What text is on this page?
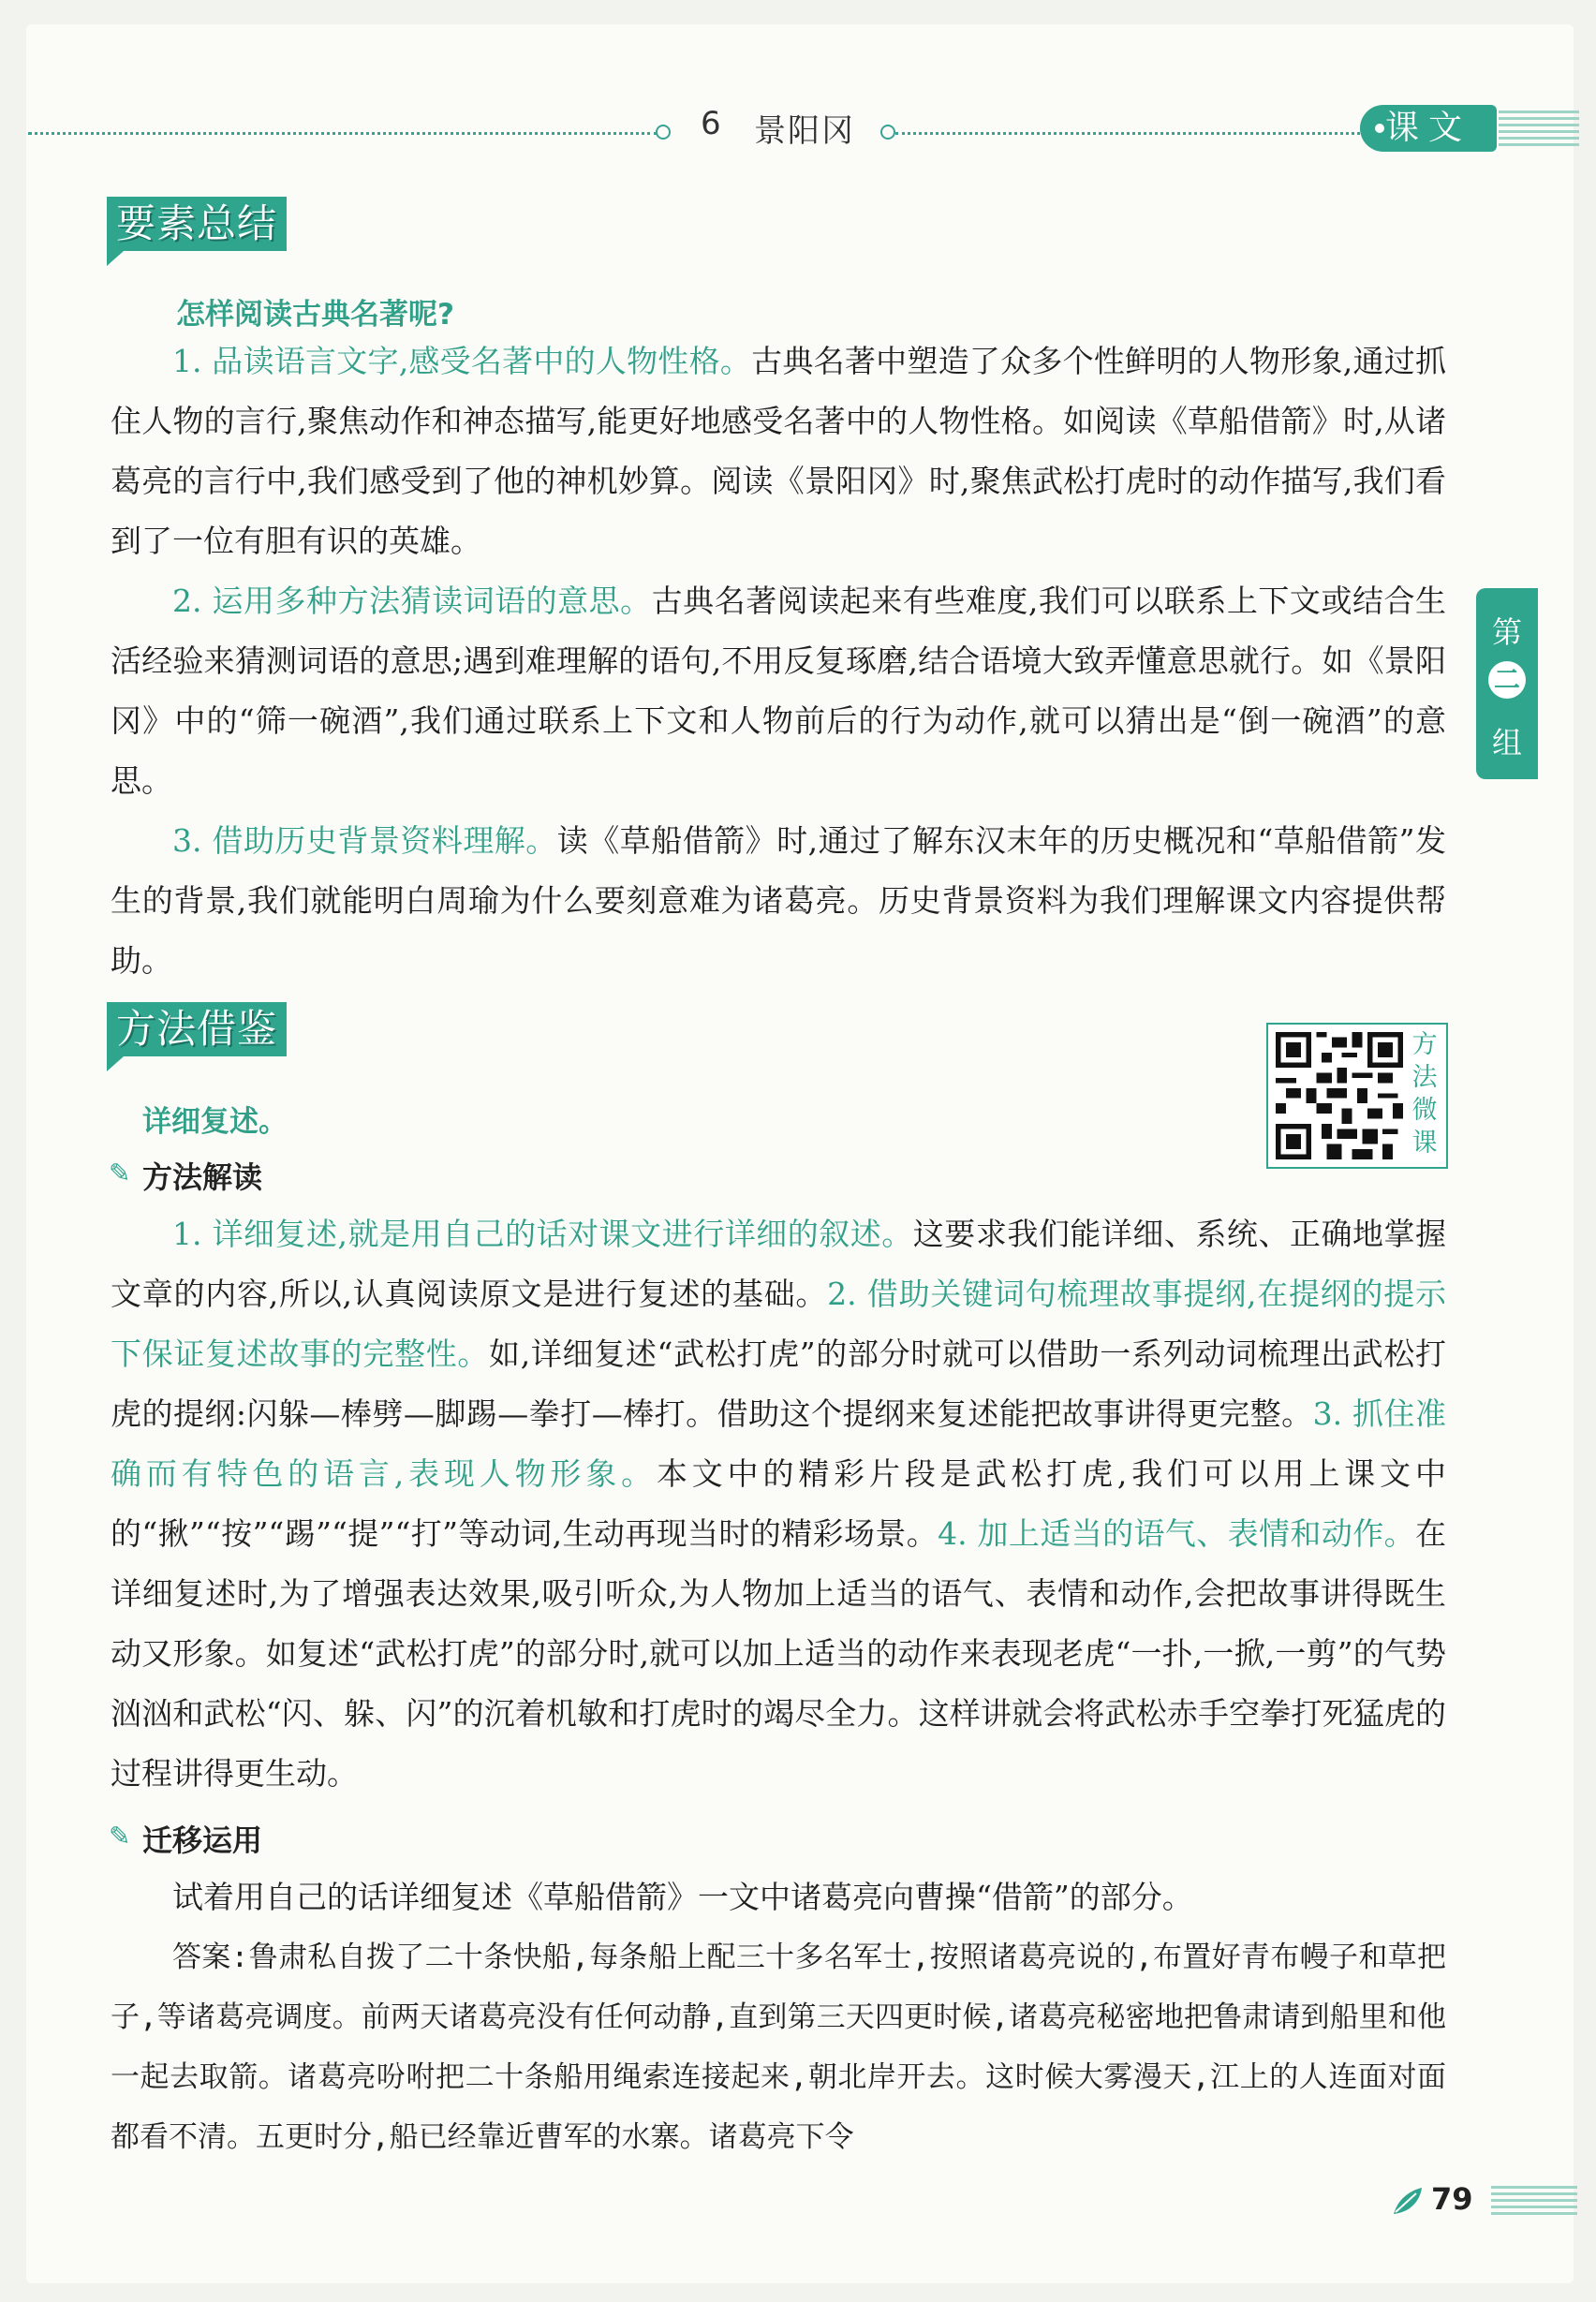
6 景阳冈	课文
第
二
组
要素总结
怎样阅读古典名著呢?
1. 品读语言文字,感受名著中的人物性格。古典名著中塑造了众多个性鲜明的人物形象,通过抓住人物的言行,聚焦动作和神态描写,能更好地感受名著中的人物性格。如阅读《草船借箭》时,从诸葛亮的言行中,我们感受到了他的神机妙算。阅读《景阳冈》时,聚焦武松打虎时的动作描写,我们看到了一位有胆有识的英雄。
2. 运用多种方法猜读词语的意思。古典名著阅读起来有些难度,我们可以联系上下文或结合生活经验来猜测词语的意思;遇到难理解的语句,不用反复琢磨,结合语境大致弄懂意思就行。如《景阳冈》中的“筛一碗酒”,我们通过联系上下文和人物前后的行为动作,就可以猜出是“倒一碗酒”的意思。
3. 借助历史背景资料理解。读《草船借箭》时,通过了解东汉末年的历史概况和“草船借箭”发生的背景,我们就能明白周瑜为什么要刻意难为诸葛亮。历史背景资料为我们理解课文内容提供帮助。
方法借鉴	方法微课
详细复述。
✎ 方法解读
1. 详细复述,就是用自己的话对课文进行详细的叙述。这要求我们能详细、系统、正确地掌握文章的内容,所以,认真阅读原文是进行复述的基础。2. 借助关键词句梳理故事提纲,在提纲的提示下保证复述故事的完整性。如,详细复述“武松打虎”的部分时就可以借助一系列动词梳理出武松打虎的提纲:闪躲—棒劈—脚踢—拳打—棒打。借助这个提纲来复述能把故事讲得更完整。3. 抓住准确而有特色的语言,表现人物形象。本文中的精彩片段是武松打虎,我们可以用上课文中的“揪”“按”“踢”“提”“打”等动词,生动再现当时的精彩场景。4. 加上适当的语气、表情和动作。在详细复述时,为了增强表达效果,吸引听众,为人物加上适当的语气、表情和动作,会把故事讲得既生动又形象。如复述“武松打虎”的部分时,就可以加上适当的动作来表现老虎“一扑,一掀,一剪”的气势汹汹和武松“闪、躲、闪”的沉着机敏和打虎时的竭尽全力。这样讲就会将武松赤手空拳打死猛虎的过程讲得更生动。
✎ 迁移运用
试着用自己的话详细复述《草船借箭》一文中诸葛亮向曹操“借箭”的部分。
答案:鲁肃私自拨了二十条快船,每条船上配三十多名军士,按照诸葛亮说的,布置好青布幔子和草把子,等诸葛亮调度。前两天诸葛亮没有任何动静,直到第三天四更时候,诸葛亮秘密地把鲁肃请到船里和他一起去取箭。诸葛亮吩咐把二十条船用绳索连接起来,朝北岸开去。这时候大雾漫天,江上的人连面对面都看不清。五更时分,船已经靠近曹军的水寨。诸葛亮下令
79
